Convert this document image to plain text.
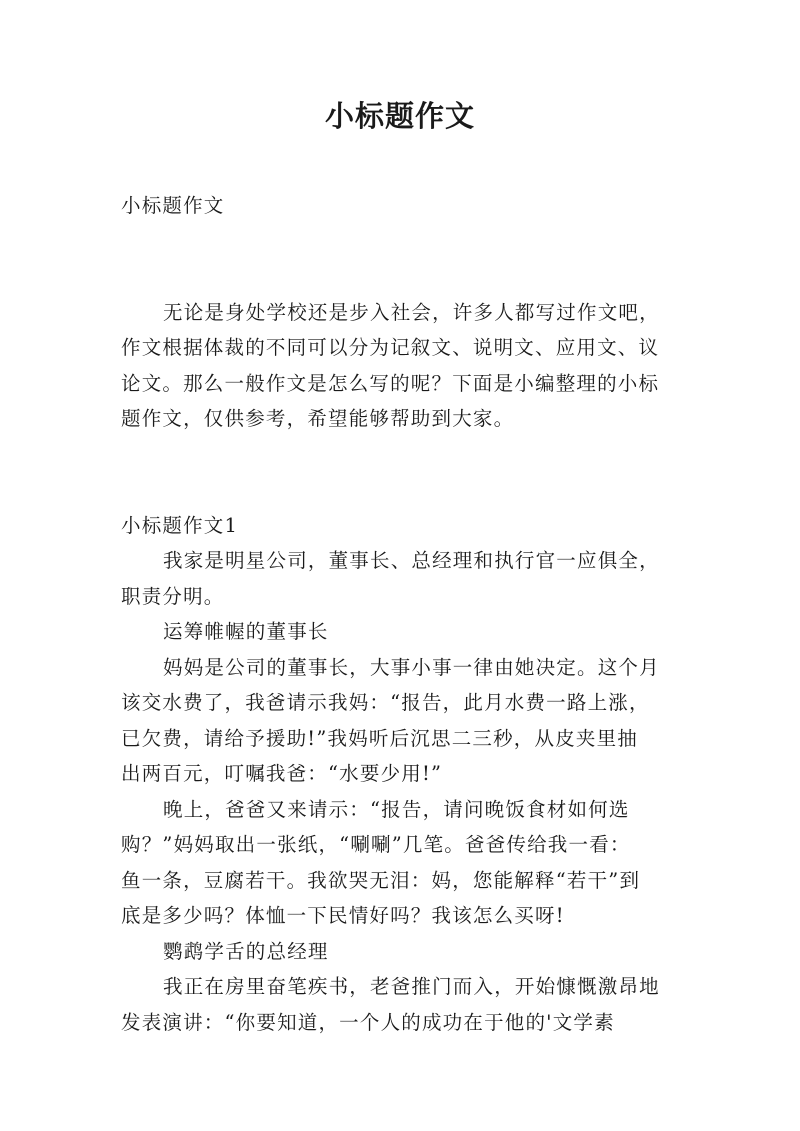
小标题作文
小标题作文
无论是身处学校还是步入社会，许多人都写过作文吧，
作文根据体裁的不同可以分为记叙文、说明文、应用文、议
论文。那么一般作文是怎么写的呢？下面是小编整理的小标
题作文，仅供参考，希望能够帮助到大家。
小标题作文1
我家是明星公司，董事长、总经理和执行官一应俱全，
职责分明。
运筹帷幄的董事长
妈妈是公司的董事长，大事小事一律由她决定。这个月
该交水费了，我爸请示我妈：“报告，此月水费一路上涨，
已欠费，请给予援助!”我妈听后沉思二三秒，从皮夹里抽
出两百元，叮嘱我爸：“水要少用!”
晚上，爸爸又来请示：“报告，请问晚饭食材如何选
购？”妈妈取出一张纸，“唰唰”几笔。爸爸传给我一看：
鱼一条，豆腐若干。我欲哭无泪：妈，您能解释“若干”到
底是多少吗？体恤一下民情好吗？我该怎么买呀!
鹦鹉学舌的总经理
我正在房里奋笔疾书，老爸推门而入，开始慷慨激昂地
发表演讲：“你要知道，一个人的成功在于他的'文学素
